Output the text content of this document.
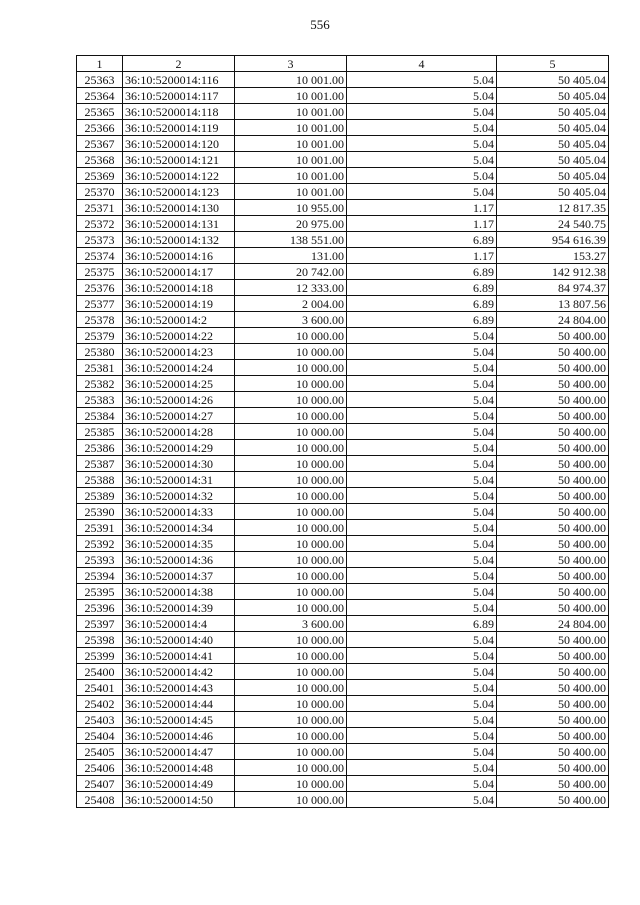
556
1	2	3	4	5
25363	36:10:5200014:116	10 001.00	5.04	50 405.04
25364	36:10:5200014:117	10 001.00	5.04	50 405.04
25365	36:10:5200014:118	10 001.00	5.04	50 405.04
25366	36:10:5200014:119	10 001.00	5.04	50 405.04
25367	36:10:5200014:120	10 001.00	5.04	50 405.04
25368	36:10:5200014:121	10 001.00	5.04	50 405.04
25369	36:10:5200014:122	10 001.00	5.04	50 405.04
25370	36:10:5200014:123	10 001.00	5.04	50 405.04
25371	36:10:5200014:130	10 955.00	1.17	12 817.35
25372	36:10:5200014:131	20 975.00	1.17	24 540.75
25373	36:10:5200014:132	138 551.00	6.89	954 616.39
25374	36:10:5200014:16	131.00	1.17	153.27
25375	36:10:5200014:17	20 742.00	6.89	142 912.38
25376	36:10:5200014:18	12 333.00	6.89	84 974.37
25377	36:10:5200014:19	2 004.00	6.89	13 807.56
25378	36:10:5200014:2	3 600.00	6.89	24 804.00
25379	36:10:5200014:22	10 000.00	5.04	50 400.00
25380	36:10:5200014:23	10 000.00	5.04	50 400.00
25381	36:10:5200014:24	10 000.00	5.04	50 400.00
25382	36:10:5200014:25	10 000.00	5.04	50 400.00
25383	36:10:5200014:26	10 000.00	5.04	50 400.00
25384	36:10:5200014:27	10 000.00	5.04	50 400.00
25385	36:10:5200014:28	10 000.00	5.04	50 400.00
25386	36:10:5200014:29	10 000.00	5.04	50 400.00
25387	36:10:5200014:30	10 000.00	5.04	50 400.00
25388	36:10:5200014:31	10 000.00	5.04	50 400.00
25389	36:10:5200014:32	10 000.00	5.04	50 400.00
25390	36:10:5200014:33	10 000.00	5.04	50 400.00
25391	36:10:5200014:34	10 000.00	5.04	50 400.00
25392	36:10:5200014:35	10 000.00	5.04	50 400.00
25393	36:10:5200014:36	10 000.00	5.04	50 400.00
25394	36:10:5200014:37	10 000.00	5.04	50 400.00
25395	36:10:5200014:38	10 000.00	5.04	50 400.00
25396	36:10:5200014:39	10 000.00	5.04	50 400.00
25397	36:10:5200014:4	3 600.00	6.89	24 804.00
25398	36:10:5200014:40	10 000.00	5.04	50 400.00
25399	36:10:5200014:41	10 000.00	5.04	50 400.00
25400	36:10:5200014:42	10 000.00	5.04	50 400.00
25401	36:10:5200014:43	10 000.00	5.04	50 400.00
25402	36:10:5200014:44	10 000.00	5.04	50 400.00
25403	36:10:5200014:45	10 000.00	5.04	50 400.00
25404	36:10:5200014:46	10 000.00	5.04	50 400.00
25405	36:10:5200014:47	10 000.00	5.04	50 400.00
25406	36:10:5200014:48	10 000.00	5.04	50 400.00
25407	36:10:5200014:49	10 000.00	5.04	50 400.00
25408	36:10:5200014:50	10 000.00	5.04	50 400.00
